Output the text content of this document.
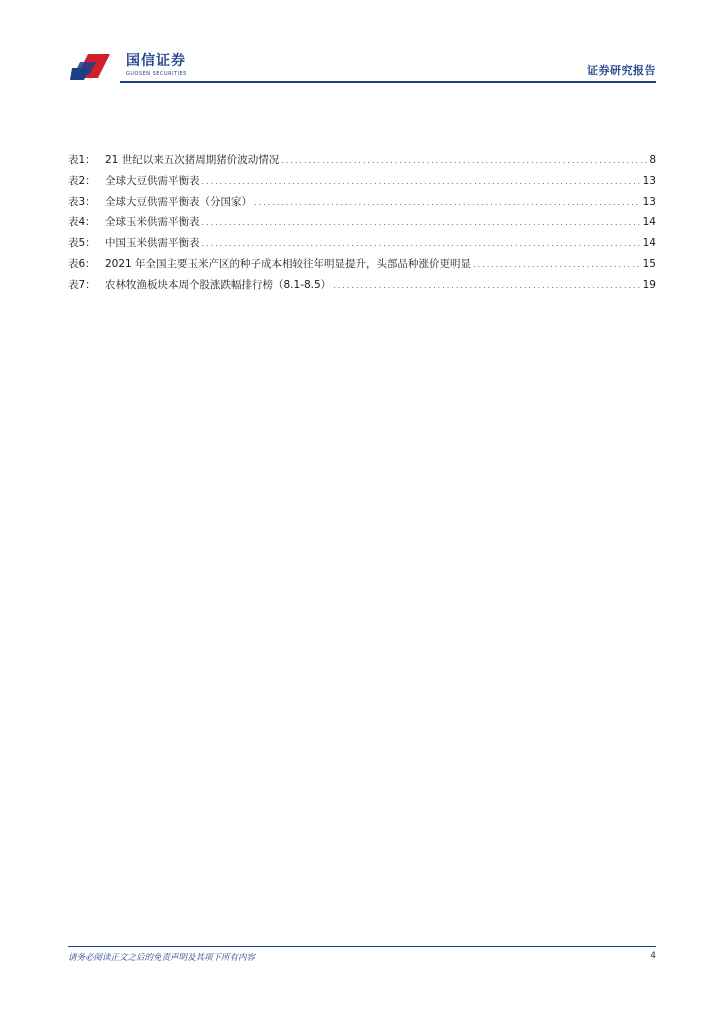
国信证券
GUOSEN SECURITIES	证券研究报告
表1： 21 世纪以来五次猪周期猪价波动情况 .....	8
表2： 全球大豆供需平衡表 .....	13
表3： 全球大豆供需平衡表（分国家） .....	13
表4： 全球玉米供需平衡表 .....	14
表5： 中国玉米供需平衡表 .....	14
表6： 2021 年全国主要玉米产区的种子成本相较往年明显提升，头部品种涨价更明显 .....	15
表7： 农林牧渔板块本周个股涨跌幅排行榜（8.1-8.5） .....	19
请务必阅读正文之后的免责声明及其项下所有内容	4
